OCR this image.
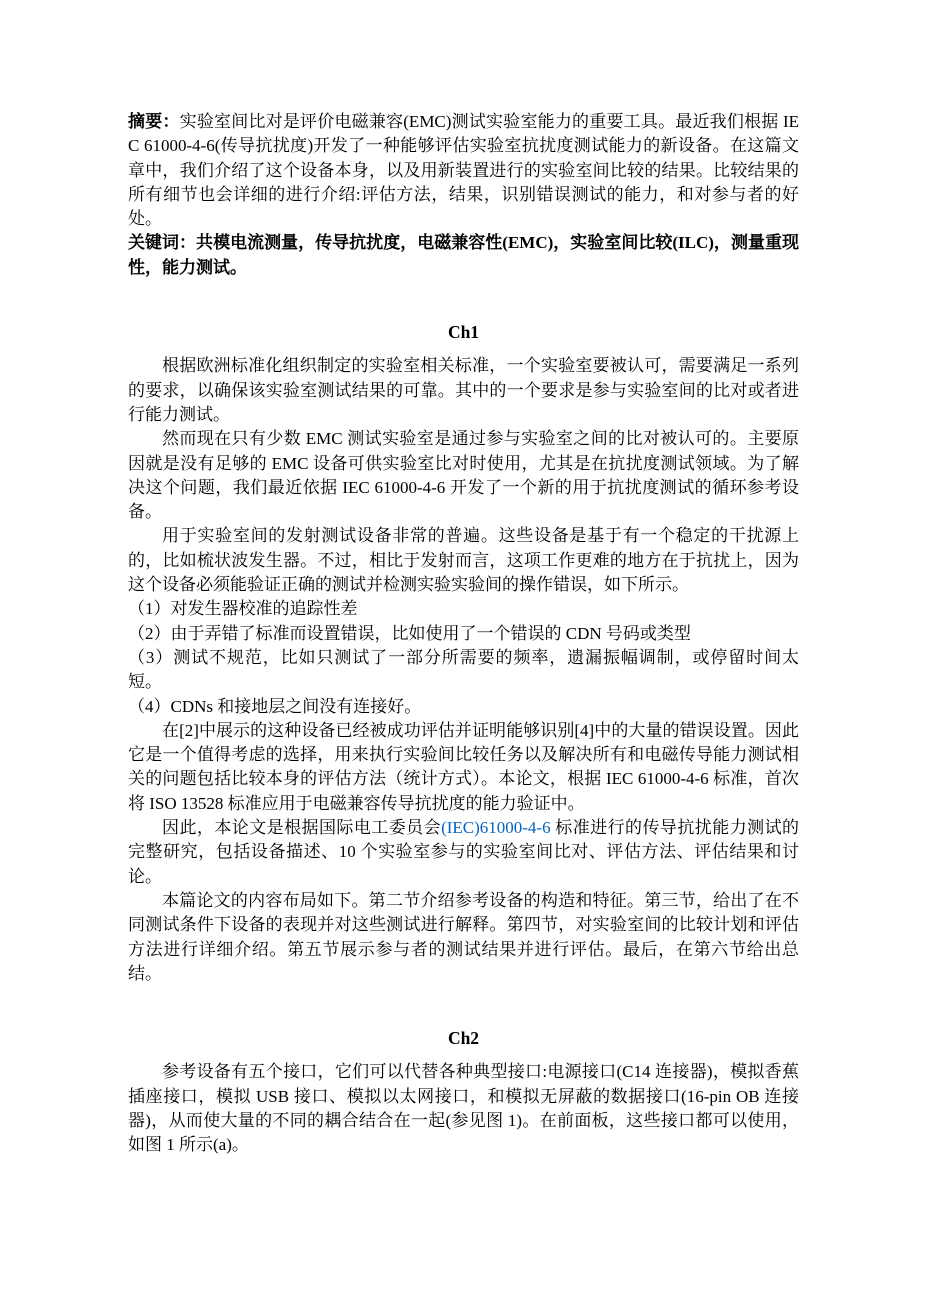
摘要：实验室间比对是评价电磁兼容(EMC)测试实验室能力的重要工具。最近我们根据 IEC 61000-4-6(传导抗扰度)开发了一种能够评估实验室抗扰度测试能力的新设备。在这篇文章中，我们介绍了这个设备本身，以及用新装置进行的实验室间比较的结果。比较结果的所有细节也会详细的进行介绍:评估方法，结果，识别错误测试的能力，和对参与者的好处。

关键词：共模电流测量，传导抗扰度，电磁兼容性(EMC)，实验室间比较(ILC)，测量重现性，能力测试。

Ch1

根据欧洲标准化组织制定的实验室相关标准，一个实验室要被认可，需要满足一系列的要求，以确保该实验室测试结果的可靠。其中的一个要求是参与实验室间的比对或者进行能力测试。

然而现在只有少数 EMC 测试实验室是通过参与实验室之间的比对被认可的。主要原因就是没有足够的 EMC 设备可供实验室比对时使用，尤其是在抗扰度测试领域。为了解决这个问题，我们最近依据 IEC 61000-4-6 开发了一个新的用于抗扰度测试的循环参考设备。

用于实验室间的发射测试设备非常的普遍。这些设备是基于有一个稳定的干扰源上的，比如梳状波发生器。不过，相比于发射而言，这项工作更难的地方在于抗扰上，因为这个设备必须能验证正确的测试并检测实验实验间的操作错误，如下所示。

（1）对发生器校准的追踪性差

（2）由于弄错了标准而设置错误，比如使用了一个错误的 CDN 号码或类型

（3）测试不规范，比如只测试了一部分所需要的频率，遗漏振幅调制，或停留时间太短。

（4）CDNs 和接地层之间没有连接好。

在[2]中展示的这种设备已经被成功评估并证明能够识别[4]中的大量的错误设置。因此它是一个值得考虑的选择，用来执行实验间比较任务以及解决所有和电磁传导能力测试相关的问题包括比较本身的评估方法（统计方式）。本论文，根据 IEC 61000-4-6 标准，首次将 ISO 13528 标准应用于电磁兼容传导抗扰度的能力验证中。

因此，本论文是根据国际电工委员会(IEC)61000-4-6 标准进行的传导抗扰能力测试的完整研究，包括设备描述、10 个实验室参与的实验室间比对、评估方法、评估结果和讨论。

本篇论文的内容布局如下。第二节介绍参考设备的构造和特征。第三节，给出了在不同测试条件下设备的表现并对这些测试进行解释。第四节，对实验室间的比较计划和评估方法进行详细介绍。第五节展示参与者的测试结果并进行评估。最后，在第六节给出总结。

Ch2

参考设备有五个接口，它们可以代替各种典型接口:电源接口(C14 连接器)，模拟香蕉插座接口，模拟 USB 接口、模拟以太网接口，和模拟无屏蔽的数据接口(16-pin OB 连接器)，从而使大量的不同的耦合结合在一起(参见图 1)。在前面板，这些接口都可以使用，如图 1 所示(a)。
